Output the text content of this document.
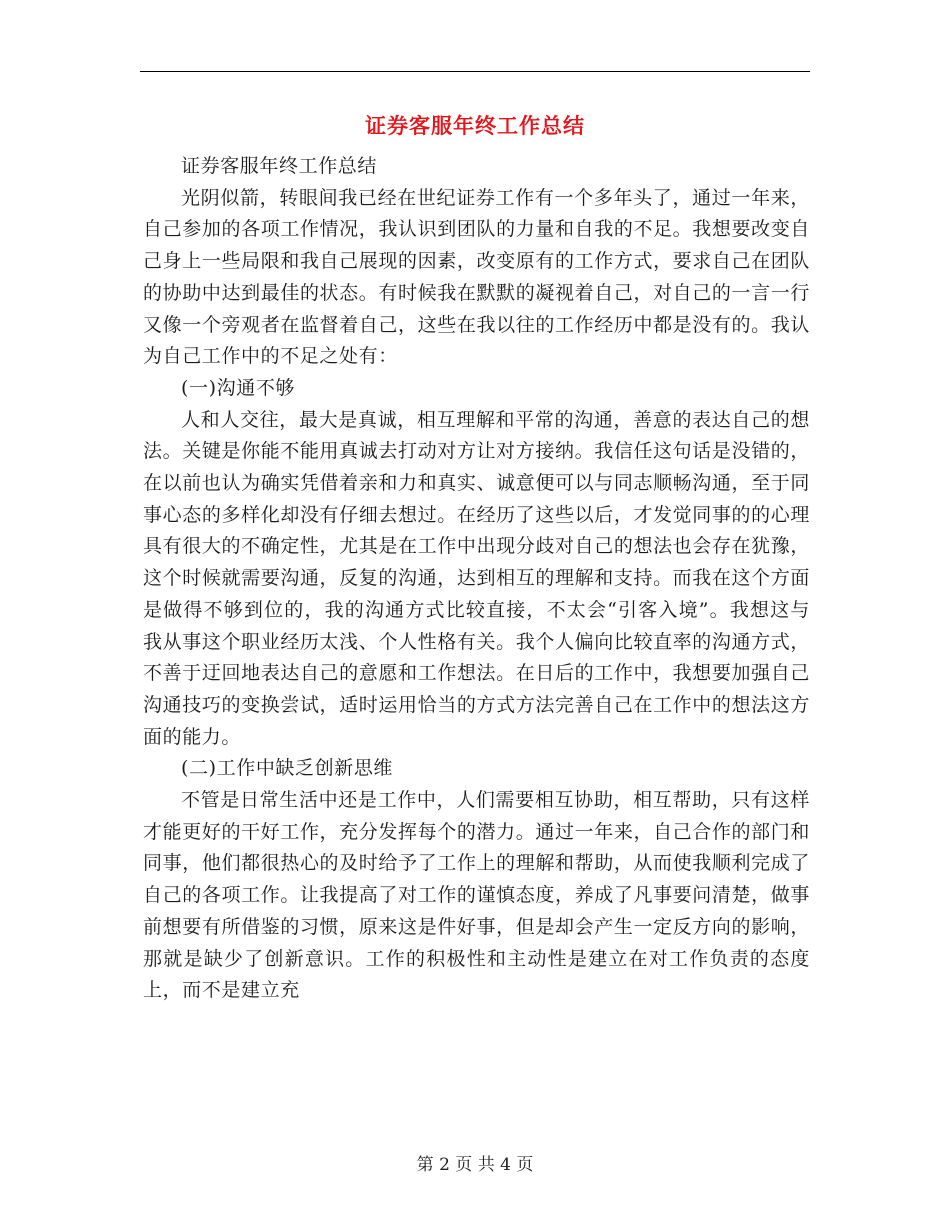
证券客服年终工作总结

证券客服年终工作总结

光阴似箭，转眼间我已经在世纪证券工作有一个多年头了，通过一年来，自己参加的各项工作情况，我认识到团队的力量和自我的不足。我想要改变自己身上一些局限和我自己展现的因素，改变原有的工作方式，要求自己在团队的协助中达到最佳的状态。有时候我在默默的凝视着自己，对自己的一言一行又像一个旁观者在监督着自己，这些在我以往的工作经历中都是没有的。我认为自己工作中的不足之处有：

(一)沟通不够

人和人交往，最大是真诚，相互理解和平常的沟通，善意的表达自己的想法。关键是你能不能用真诚去打动对方让对方接纳。我信任这句话是没错的，在以前也认为确实凭借着亲和力和真实、诚意便可以与同志顺畅沟通，至于同事心态的多样化却没有仔细去想过。在经历了这些以后，才发觉同事的的心理具有很大的不确定性，尤其是在工作中出现分歧对自己的想法也会存在犹豫，这个时候就需要沟通，反复的沟通，达到相互的理解和支持。而我在这个方面是做得不够到位的，我的沟通方式比较直接，不太会“引客入境”。我想这与我从事这个职业经历太浅、个人性格有关。我个人偏向比较直率的沟通方式，不善于迂回地表达自己的意愿和工作想法。在日后的工作中，我想要加强自己沟通技巧的变换尝试，适时运用恰当的方式方法完善自己在工作中的想法这方面的能力。

(二)工作中缺乏创新思维

不管是日常生活中还是工作中，人们需要相互协助，相互帮助，只有这样才能更好的干好工作，充分发挥每个的潜力。通过一年来，自己合作的部门和同事，他们都很热心的及时给予了工作上的理解和帮助，从而使我顺利完成了自己的各项工作。让我提高了对工作的谨慎态度，养成了凡事要问清楚，做事前想要有所借鉴的习惯，原来这是件好事，但是却会产生一定反方向的影响，那就是缺少了创新意识。工作的积极性和主动性是建立在对工作负责的态度上，而不是建立充

第 2 页 共 4 页
